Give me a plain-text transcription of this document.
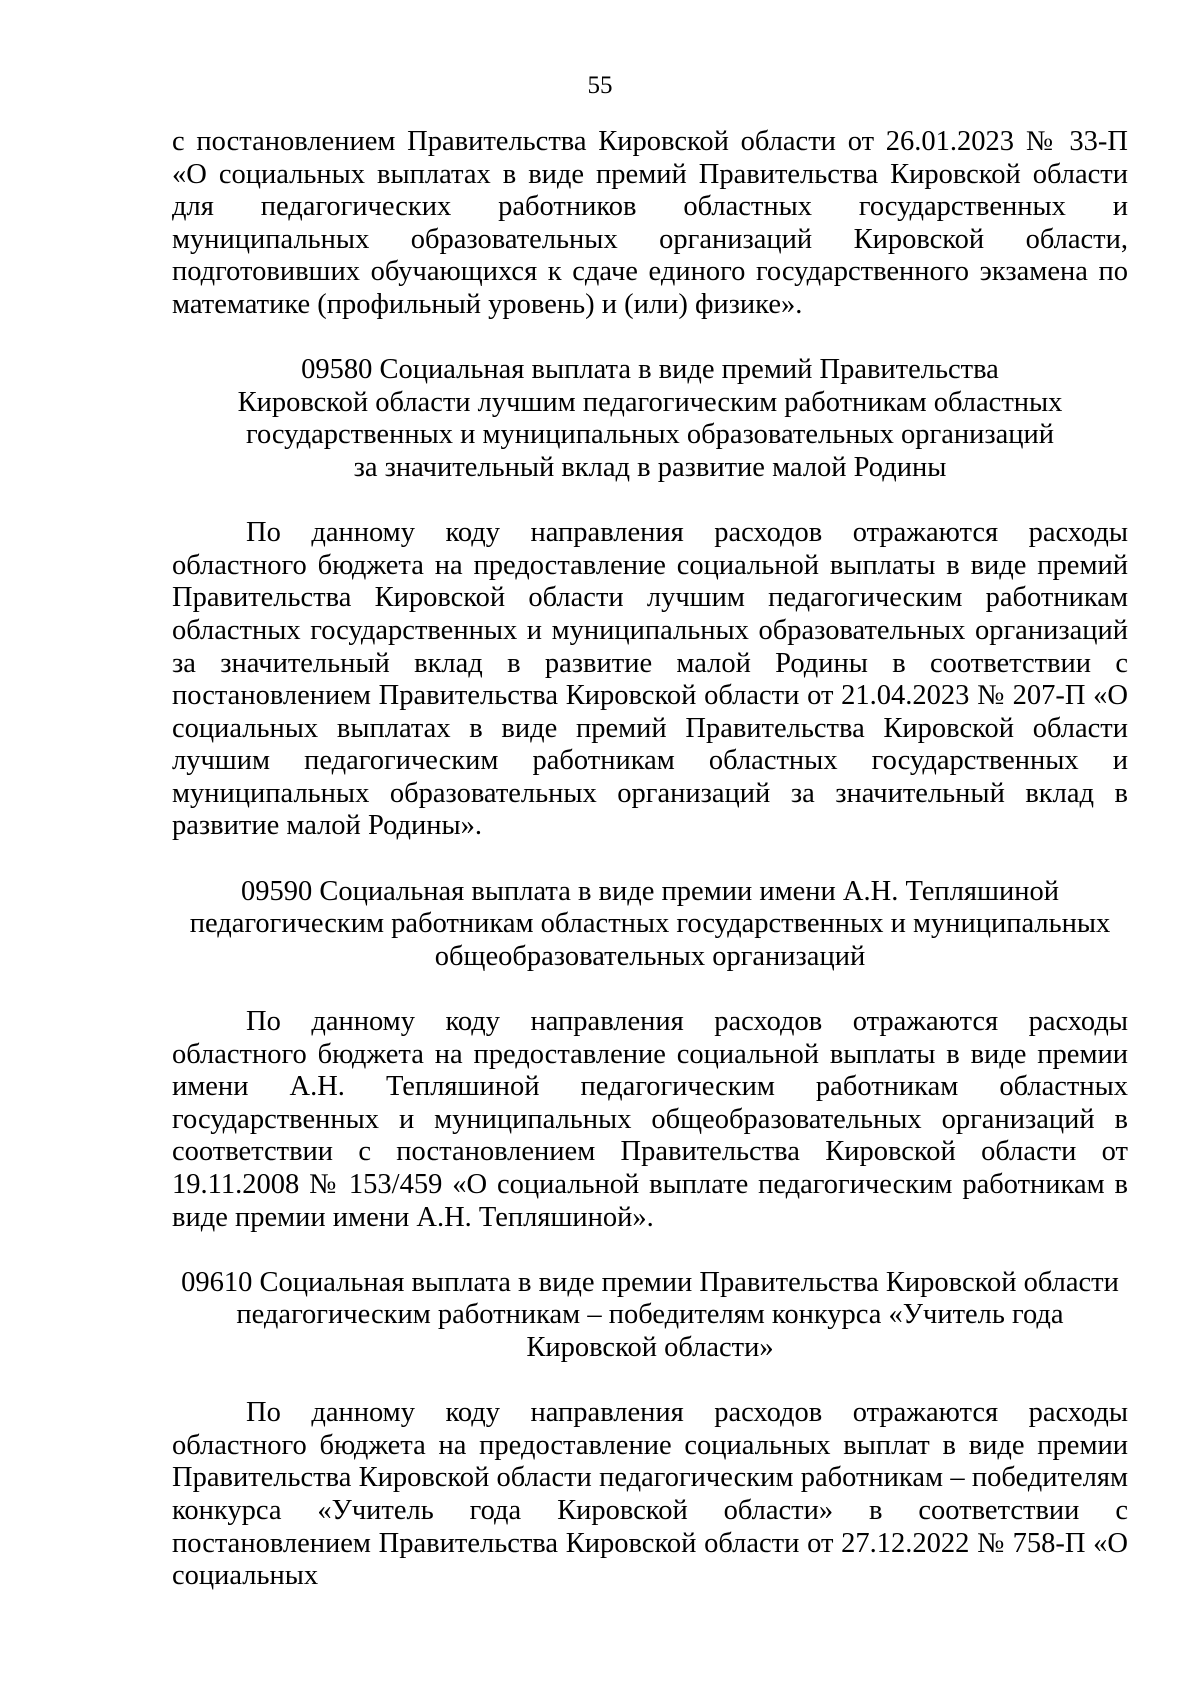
55

с постановлением Правительства Кировской области от 26.01.2023 № 33-П «О социальных выплатах в виде премий Правительства Кировской области для педагогических работников областных государственных и муниципальных образовательных организаций Кировской области, подготовивших обучающихся к сдаче единого государственного экзамена по математике (профильный уровень) и (или) физике».

09580 Социальная выплата в виде премий Правительства
Кировской области лучшим педагогическим работникам областных
государственных и муниципальных образовательных организаций
за значительный вклад в развитие малой Родины

По данному коду направления расходов отражаются расходы областного бюджета на предоставление социальной выплаты в виде премий Правительства Кировской области лучшим педагогическим работникам областных государственных и муниципальных образовательных организаций за значительный вклад в развитие малой Родины в соответствии с постановлением Правительства Кировской области от 21.04.2023 № 207-П «О социальных выплатах в виде премий Правительства Кировской области лучшим педагогическим работникам областных государственных и муниципальных образовательных организаций за значительный вклад в развитие малой Родины».

09590 Социальная выплата в виде премии имени А.Н. Тепляшиной
педагогическим работникам областных государственных и муниципальных
общеобразовательных организаций

По данному коду направления расходов отражаются расходы областного бюджета на предоставление социальной выплаты в виде премии имени А.Н. Тепляшиной педагогическим работникам областных государственных и муниципальных общеобразовательных организаций в соответствии с постановлением Правительства Кировской области от 19.11.2008 № 153/459 «О социальной выплате педагогическим работникам в виде премии имени А.Н. Тепляшиной».

09610 Социальная выплата в виде премии Правительства Кировской области
педагогическим работникам – победителям конкурса «Учитель года
Кировской области»

По данному коду направления расходов отражаются расходы областного бюджета на предоставление социальных выплат в виде премии Правительства Кировской области педагогическим работникам – победителям конкурса «Учитель года Кировской области» в соответствии с постановлением Правительства Кировской области от 27.12.2022 № 758-П «О социальных
